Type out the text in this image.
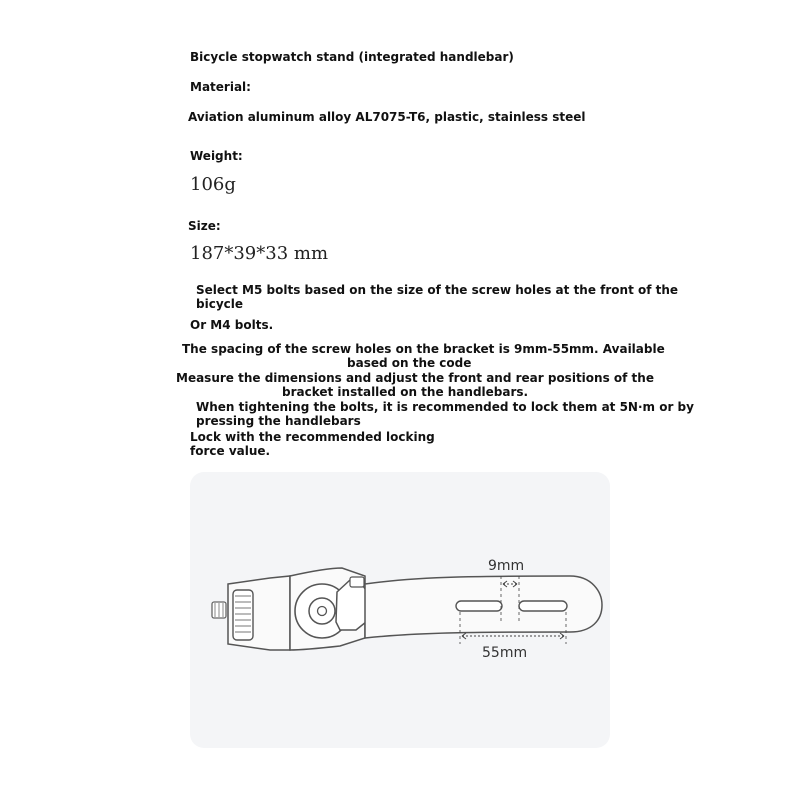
Bicycle stopwatch stand (integrated handlebar)

Material:

Aviation aluminum alloy AL7075-T6, plastic, stainless steel

Weight:

106g

Size:

187*39*33 mm

Select M5 bolts based on the size of the screw holes at the front of the
bicycle

Or M4 bolts.

The spacing of the screw holes on the bracket is 9mm-55mm. Available

based on the code

Measure the dimensions and adjust the front and rear positions of the

bracket installed on the handlebars.

When tightening the bolts, it is recommended to lock them at 5N·m or by

pressing the handlebars

Lock with the recommended locking

force value.

9mm
55mm
